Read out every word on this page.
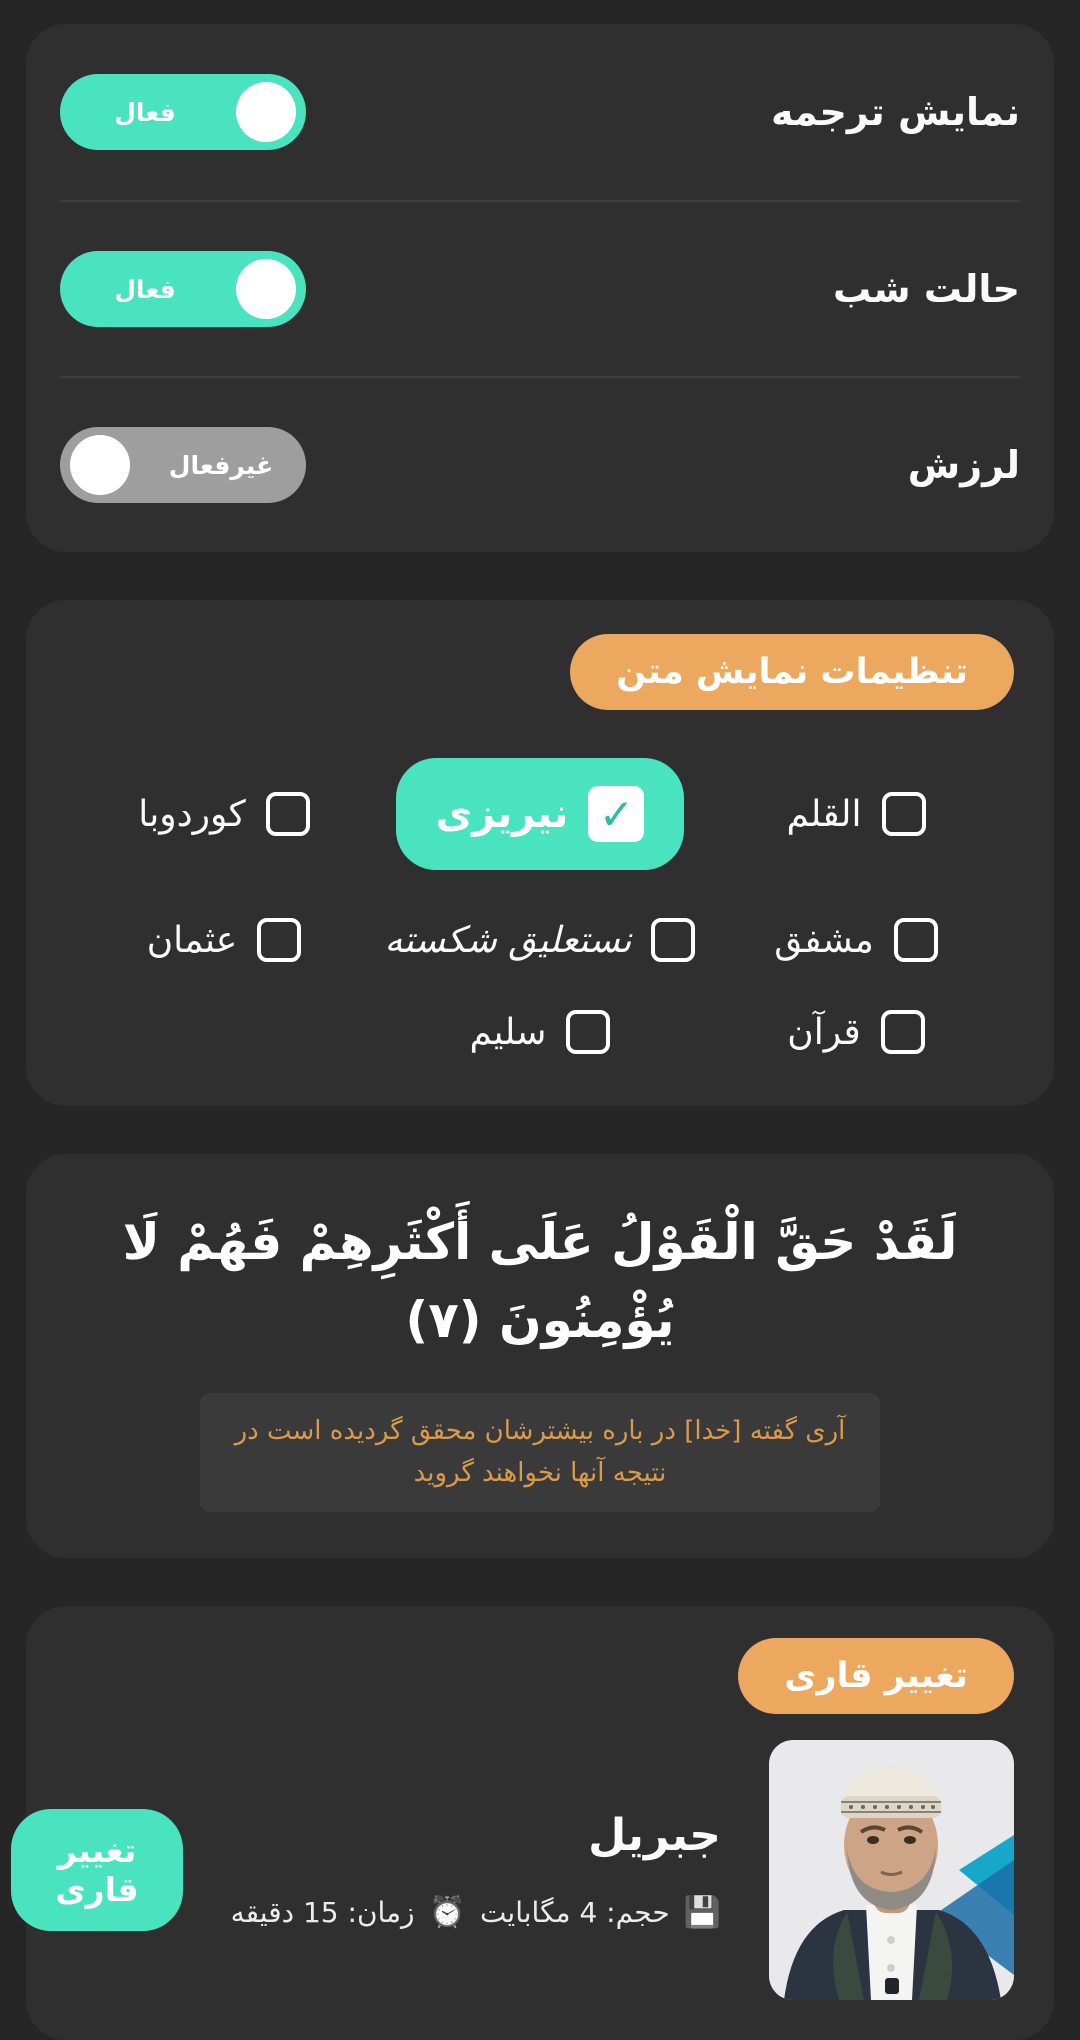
نمایش ترجمه
فعال
حالت شب
فعال
لرزش
غیرفعال
تنظیمات نمایش متن
القلم
✓
نیریزی
کوردوبا
مشفق
نستعلیق شکسته
عثمان
قرآن
سلیم
لَقَدْ حَقَّ الْقَوْلُ عَلَى أَكْثَرِهِمْ فَهُمْ لَا يُؤْمِنُونَ (٧)
آری گفته [خدا] در باره بیشترشان محقق گردیده است در نتیجه آنها نخواهند گروید
تغییر قاری
جبریل
💾
حجم: 4 مگابایت
⏰
زمان: 15 دقیقه
تغییر قاری
